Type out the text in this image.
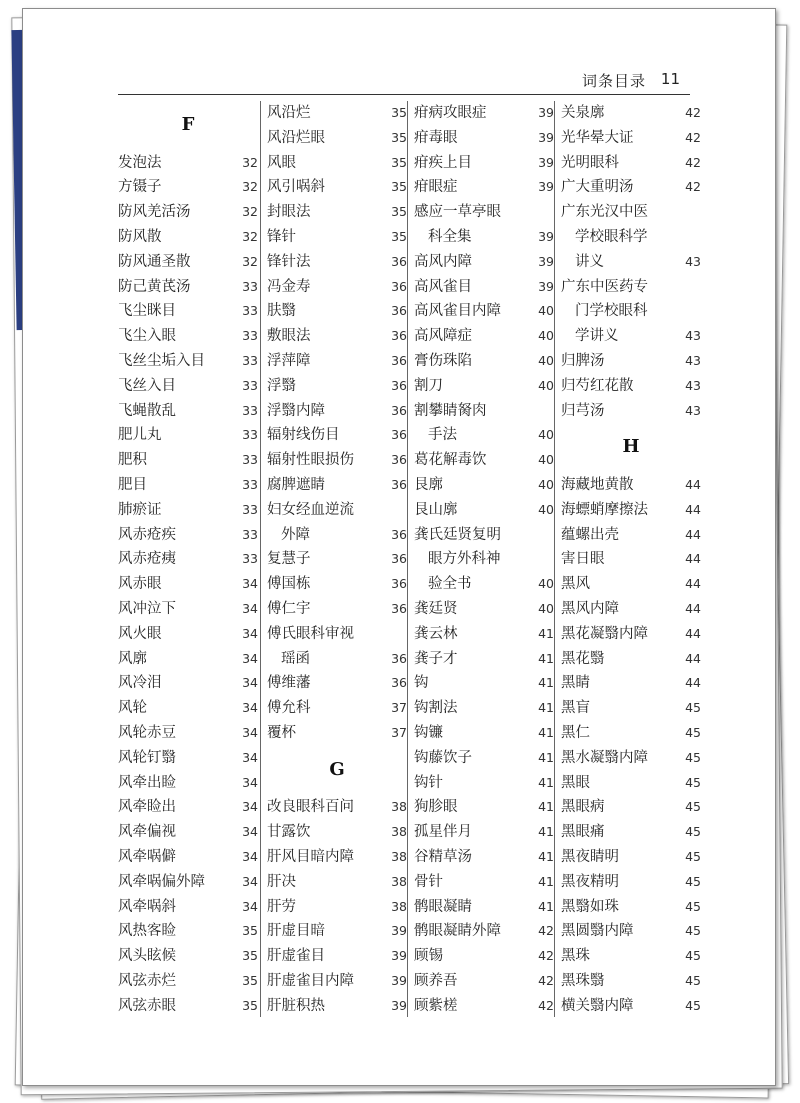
词条目录 11
F
发泡法	32
方镊子	32
防风羌活汤	32
防风散	32
防风通圣散	32
防己黄芪汤	33
飞尘眯目	33
飞尘入眼	33
飞丝尘垢入目	33
飞丝入目	33
飞蝇散乱	33
肥儿丸	33
肥积	33
肥目	33
肺瘀证	33
风赤疮疾	33
风赤疮痍	33
风赤眼	34
风冲泣下	34
风火眼	34
风廓	34
风冷泪	34
风轮	34
风轮赤豆	34
风轮钉翳	34
风牵出睑	34
风牵睑出	34
风牵偏视	34
风牵㖞僻	34
风牵㖞偏外障	34
风牵㖞斜	34
风热客睑	35
风头眩候	35
风弦赤烂	35
风弦赤眼	35
风沿烂	35
风沿烂眼	35
风眼	35
风引㖞斜	35
封眼法	35
锋针	35
锋针法	36
冯金寿	36
肤翳	36
敷眼法	36
浮萍障	36
浮翳	36
浮翳内障	36
辐射线伤目	36
辐射性眼损伤	36
腐脾遮睛	36
妇女经血逆流
外障	36
复慧子	36
傅国栋	36
傅仁宇	36
傅氏眼科审视
瑶函	36
傅维藩	36
傅允科	37
覆杯	37
G
改良眼科百问	38
甘露饮	38
肝风目暗内障	38
肝决	38
肝劳	38
肝虚目暗	39
肝虚雀目	39
肝虚雀目内障	39
肝脏积热	39
疳病攻眼症	39
疳毒眼	39
疳疾上目	39
疳眼症	39
感应一草亭眼
科全集	39
高风内障	39
高风雀目	39
高风雀目内障	40
高风障症	40
膏伤珠陷	40
割刀	40
割攀睛胬肉
手法	40
葛花解毒饮	40
艮廓	40
艮山廓	40
龚氏廷贤复明
眼方外科神
验全书	40
龚廷贤	40
龚云林	41
龚子才	41
钩	41
钩割法	41
钩镰	41
钩藤饮子	41
钩针	41
狗胗眼	41
孤星伴月	41
谷精草汤	41
骨针	41
鹘眼凝睛	41
鹘眼凝睛外障	42
顾锡	42
顾养吾	42
顾紫槎	42
关泉廓	42
光华晕大证	42
光明眼科	42
广大重明汤	42
广东光汉中医
学校眼科学
讲义	43
广东中医药专
门学校眼科
学讲义	43
归脾汤	43
归芍红花散	43
归芎汤	43
H
海藏地黄散	44
海螵蛸摩擦法	44
蕴螺出壳	44
害日眼	44
黑风	44
黑风内障	44
黑花凝翳内障	44
黑花翳	44
黑睛	44
黑盲	45
黑仁	45
黑水凝翳内障	45
黑眼	45
黑眼病	45
黑眼痛	45
黑夜睛明	45
黑夜精明	45
黑翳如珠	45
黑圆翳内障	45
黑珠	45
黑珠翳	45
横关翳内障	45
